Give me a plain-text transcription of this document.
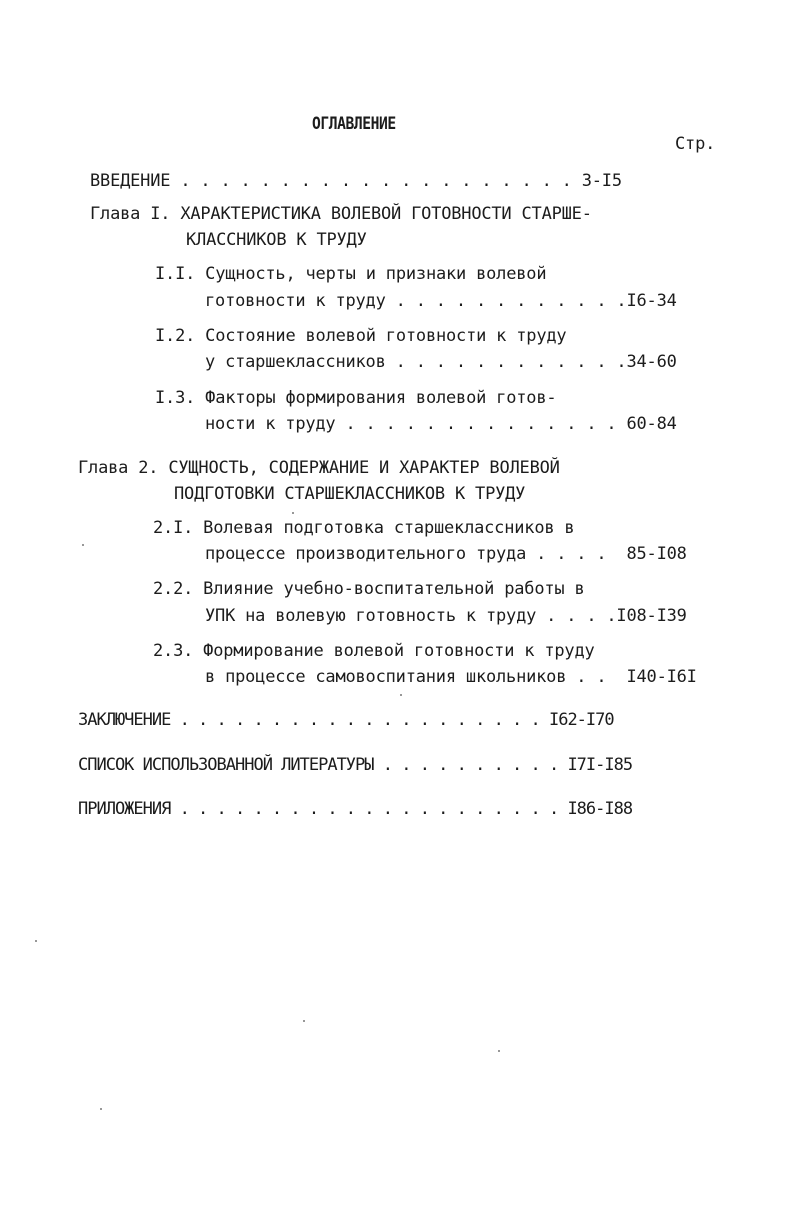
ОГЛАВЛЕНИЕ
Стр.
ВВЕДЕНИЕ . . . . . . . . . . . . . . . . . . . . 3-I5
Глава I. ХАРАКТЕРИСТИКА ВОЛЕВОЙ ГОТОВНОСТИ СТАРШЕ-
КЛАССНИКОВ К ТРУДУ
I.I. Сущность, черты и признаки волевой
готовности к труду . . . . . . . . . . . .I6-34
I.2. Состояние волевой готовности к труду
у старшеклассников . . . . . . . . . . . .34-60
I.3. Факторы формирования волевой готов-
ности к труду . . . . . . . . . . . . . . 60-84
Глава 2. СУЩНОСТЬ, СОДЕРЖАНИЕ И ХАРАКТЕР ВОЛЕВОЙ
ПОДГОТОВКИ СТАРШЕКЛАССНИКОВ К ТРУДУ
2.I. Волевая подготовка старшеклассников в
процессе производительного труда . . . .  85-I08
2.2. Влияние учебно-воспитательной работы в
УПК на волевую готовность к труду . . . .I08-I39
2.3. Формирование волевой готовности к труду
в процессе самовоспитания школьников . .  I40-I6I
ЗАКЛЮЧЕНИЕ . . . . . . . . . . . . . . . . . . . . I62-I70
СПИСОК ИСПОЛЬЗОВАННОЙ ЛИТЕРАТУРЫ . . . . . . . . . . I7I-I85
ПРИЛОЖЕНИЯ . . . . . . . . . . . . . . . . . . . . . I86-I88
